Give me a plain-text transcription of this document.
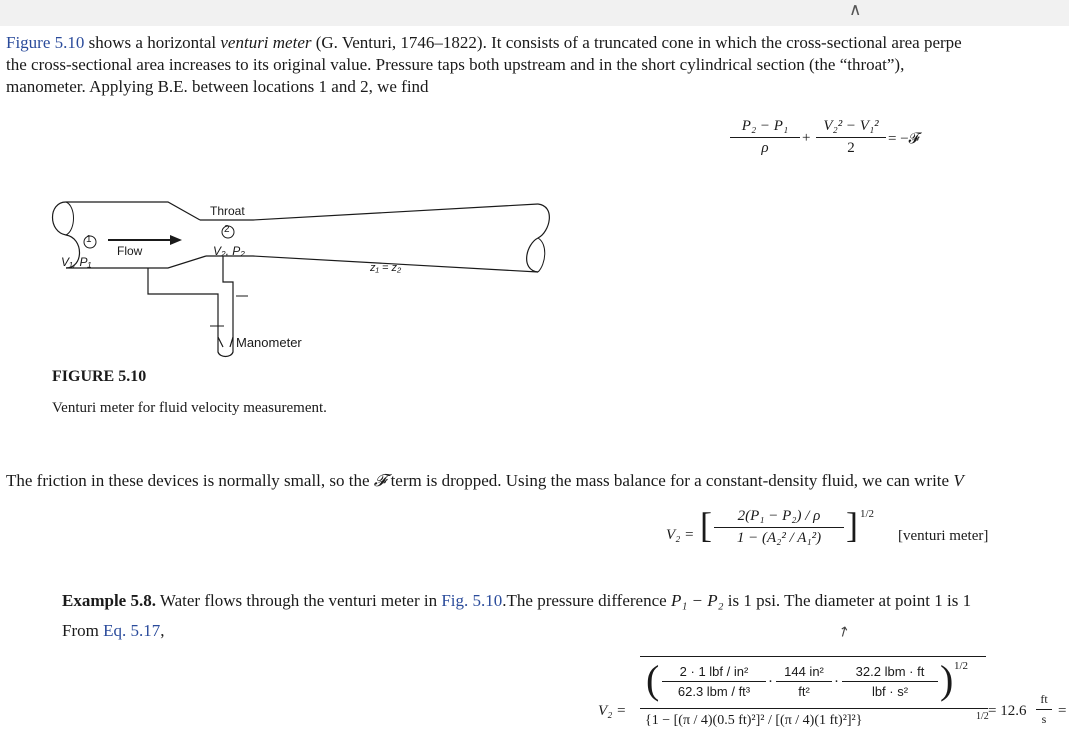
∧
Figure 5.10 shows a horizontal venturi meter (G. Venturi, 1746–1822). It consists of a truncated cone in which the cross-sectional area perpe
the cross-sectional area increases to its original value. Pressure taps both upstream and in the short cylindrical section (the “throat”),
manometer. Applying B.E. between locations 1 and 2, we find
P₂ − P₁
ρ
+
V₂² − V₁²
2
= −𝓕
Throat
2
1
Flow
V₁, P₁
V₂, P₂
z₁ = z₂
Manometer
FIGURE 5.10
Venturi meter for fluid velocity measurement.
The friction in these devices is normally small, so the 𝓕 term is dropped. Using the mass balance for a constant-density fluid, we can write V
V₂ = [	2(P₁ − P₂) / ρ
1 − (A₂² / A₁²) ] 1/2
[venturi meter]
Example 5.8. Water flows through the venturi meter in Fig. 5.10.The pressure difference P₁ − P₂ is 1 psi. The diameter at point 1 is 1
From Eq. 5.17,	↗
V₂ =
(	2 · 1 lbf / in²
62.3 lbm / ft³
·
144 in²
ft²
·
32.2 lbm · ft
lbf · s² ) 1/2
{1 − [(π / 4)(0.5 ft)²]² / [(π / 4)(1 ft)²]²}	1/2 = 12.6
ft
s =
